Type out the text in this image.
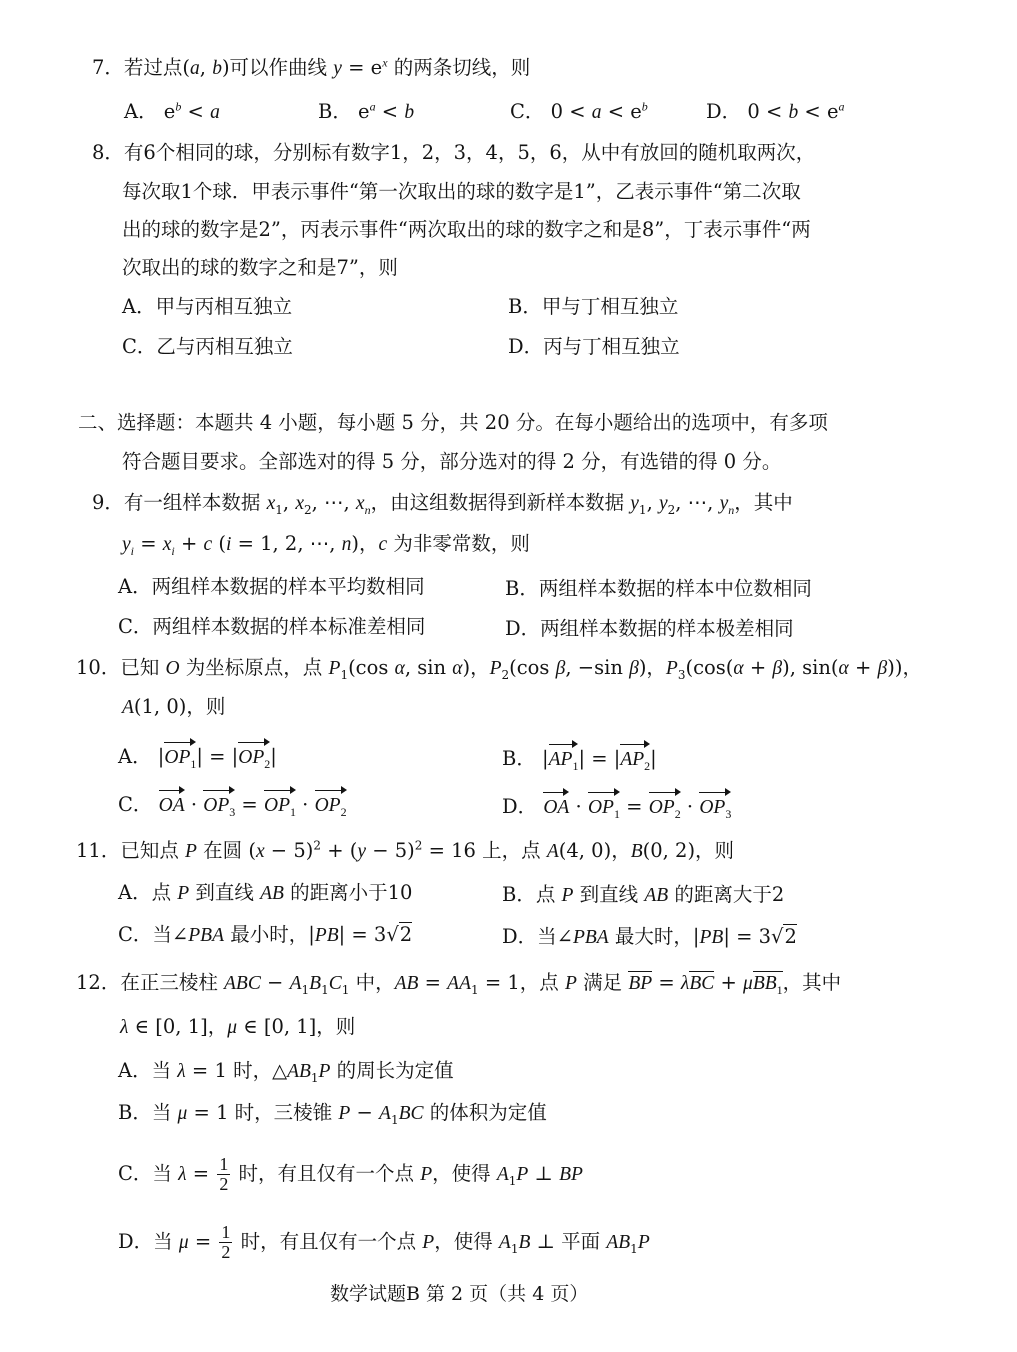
7．若过点(a, b)可以作曲线 $y = e^x$ 的两条切线，则
A． $e^b < a$	B． $e^a < b$	C． $0 < a < e^b$	D． $0 < b < e^a$
8．有6个相同的球，分别标有数字1，2，3，4，5，6，从中有放回的随机取两次，
每次取1个球．甲表示事件“第一次取出的球的数字是1”，乙表示事件“第二次取
出的球的数字是2”，丙表示事件“两次取出的球的数字之和是8”，丁表示事件“两
次取出的球的数字之和是7”，则
A．甲与丙相互独立	B．甲与丁相互独立
C．乙与丙相互独立	D．丙与丁相互独立
二、选择题：本题共 4 小题，每小题 5 分，共 20 分。在每小题给出的选项中，有多项
符合题目要求。全部选对的得 5 分，部分选对的得 2 分，有选错的得 0 分。
9．有一组样本数据 $x_1$, $x_2$, ⋯, $x_n$，由这组数据得到新样本数据 $y_1$, $y_2$, ⋯, $y_n$，其中
$y_i = x_i + c$ (i = 1, 2, ⋯, n)，c 为非零常数，则
A．两组样本数据的样本平均数相同	B．两组样本数据的样本中位数相同
C．两组样本数据的样本标准差相同	D．两组样本数据的样本极差相同
10．已知 O 为坐标原点，点 $P_1(\cos$ α, sin α)，$P_2(\cos$ β, −sin β)，$P_3(\cos(\alpha + \beta)$, sin(α + β))，
A(1, 0)，则
A． $|OP_1| = |OP_2|$	B． $|AP_1| = |AP_2|$
C． OA · $OP_3 = OP_1 \cdot OP_2$	D． OA · $OP_1 = OP_2 \cdot OP_3$
11．已知点 P 在圆 $(x - 5)^2 + (y - 5)^2 = 16$ 上，点 A(4, 0)，B(0, 2)，则
A．点 P 到直线 AB 的距离小于10	B．点 P 到直线 AB 的距离大于2
C．当∠PBA 最小时，|PB| = 3√2	D．当∠PBA 最大时，|PB| = 3√2
12．在正三棱柱 ABC − $A_1B_1C_1$ 中，AB = $AA_1 = 1$，点 P 满足 BP = λBC + μBB$_1$，其中
λ ∈ [0, 1]，μ ∈ [0, 1]，则
A．当 λ = 1 时，$\triangle AB_1P$ 的周长为定值
B．当 μ = 1 时，三棱锥 $P - A_1BC$ 的体积为定值
C．当 $\lambda = \frac{1}{2}$ 时，有且仅有一个点 P，使得 $A_1P$ ⊥ BP
D．当 $\mu = \frac{1}{2}$ 时，有且仅有一个点 P，使得 $A_1B$ ⊥ 平面 $AB_1P$
数学试题B 第 2 页（共 4 页）
